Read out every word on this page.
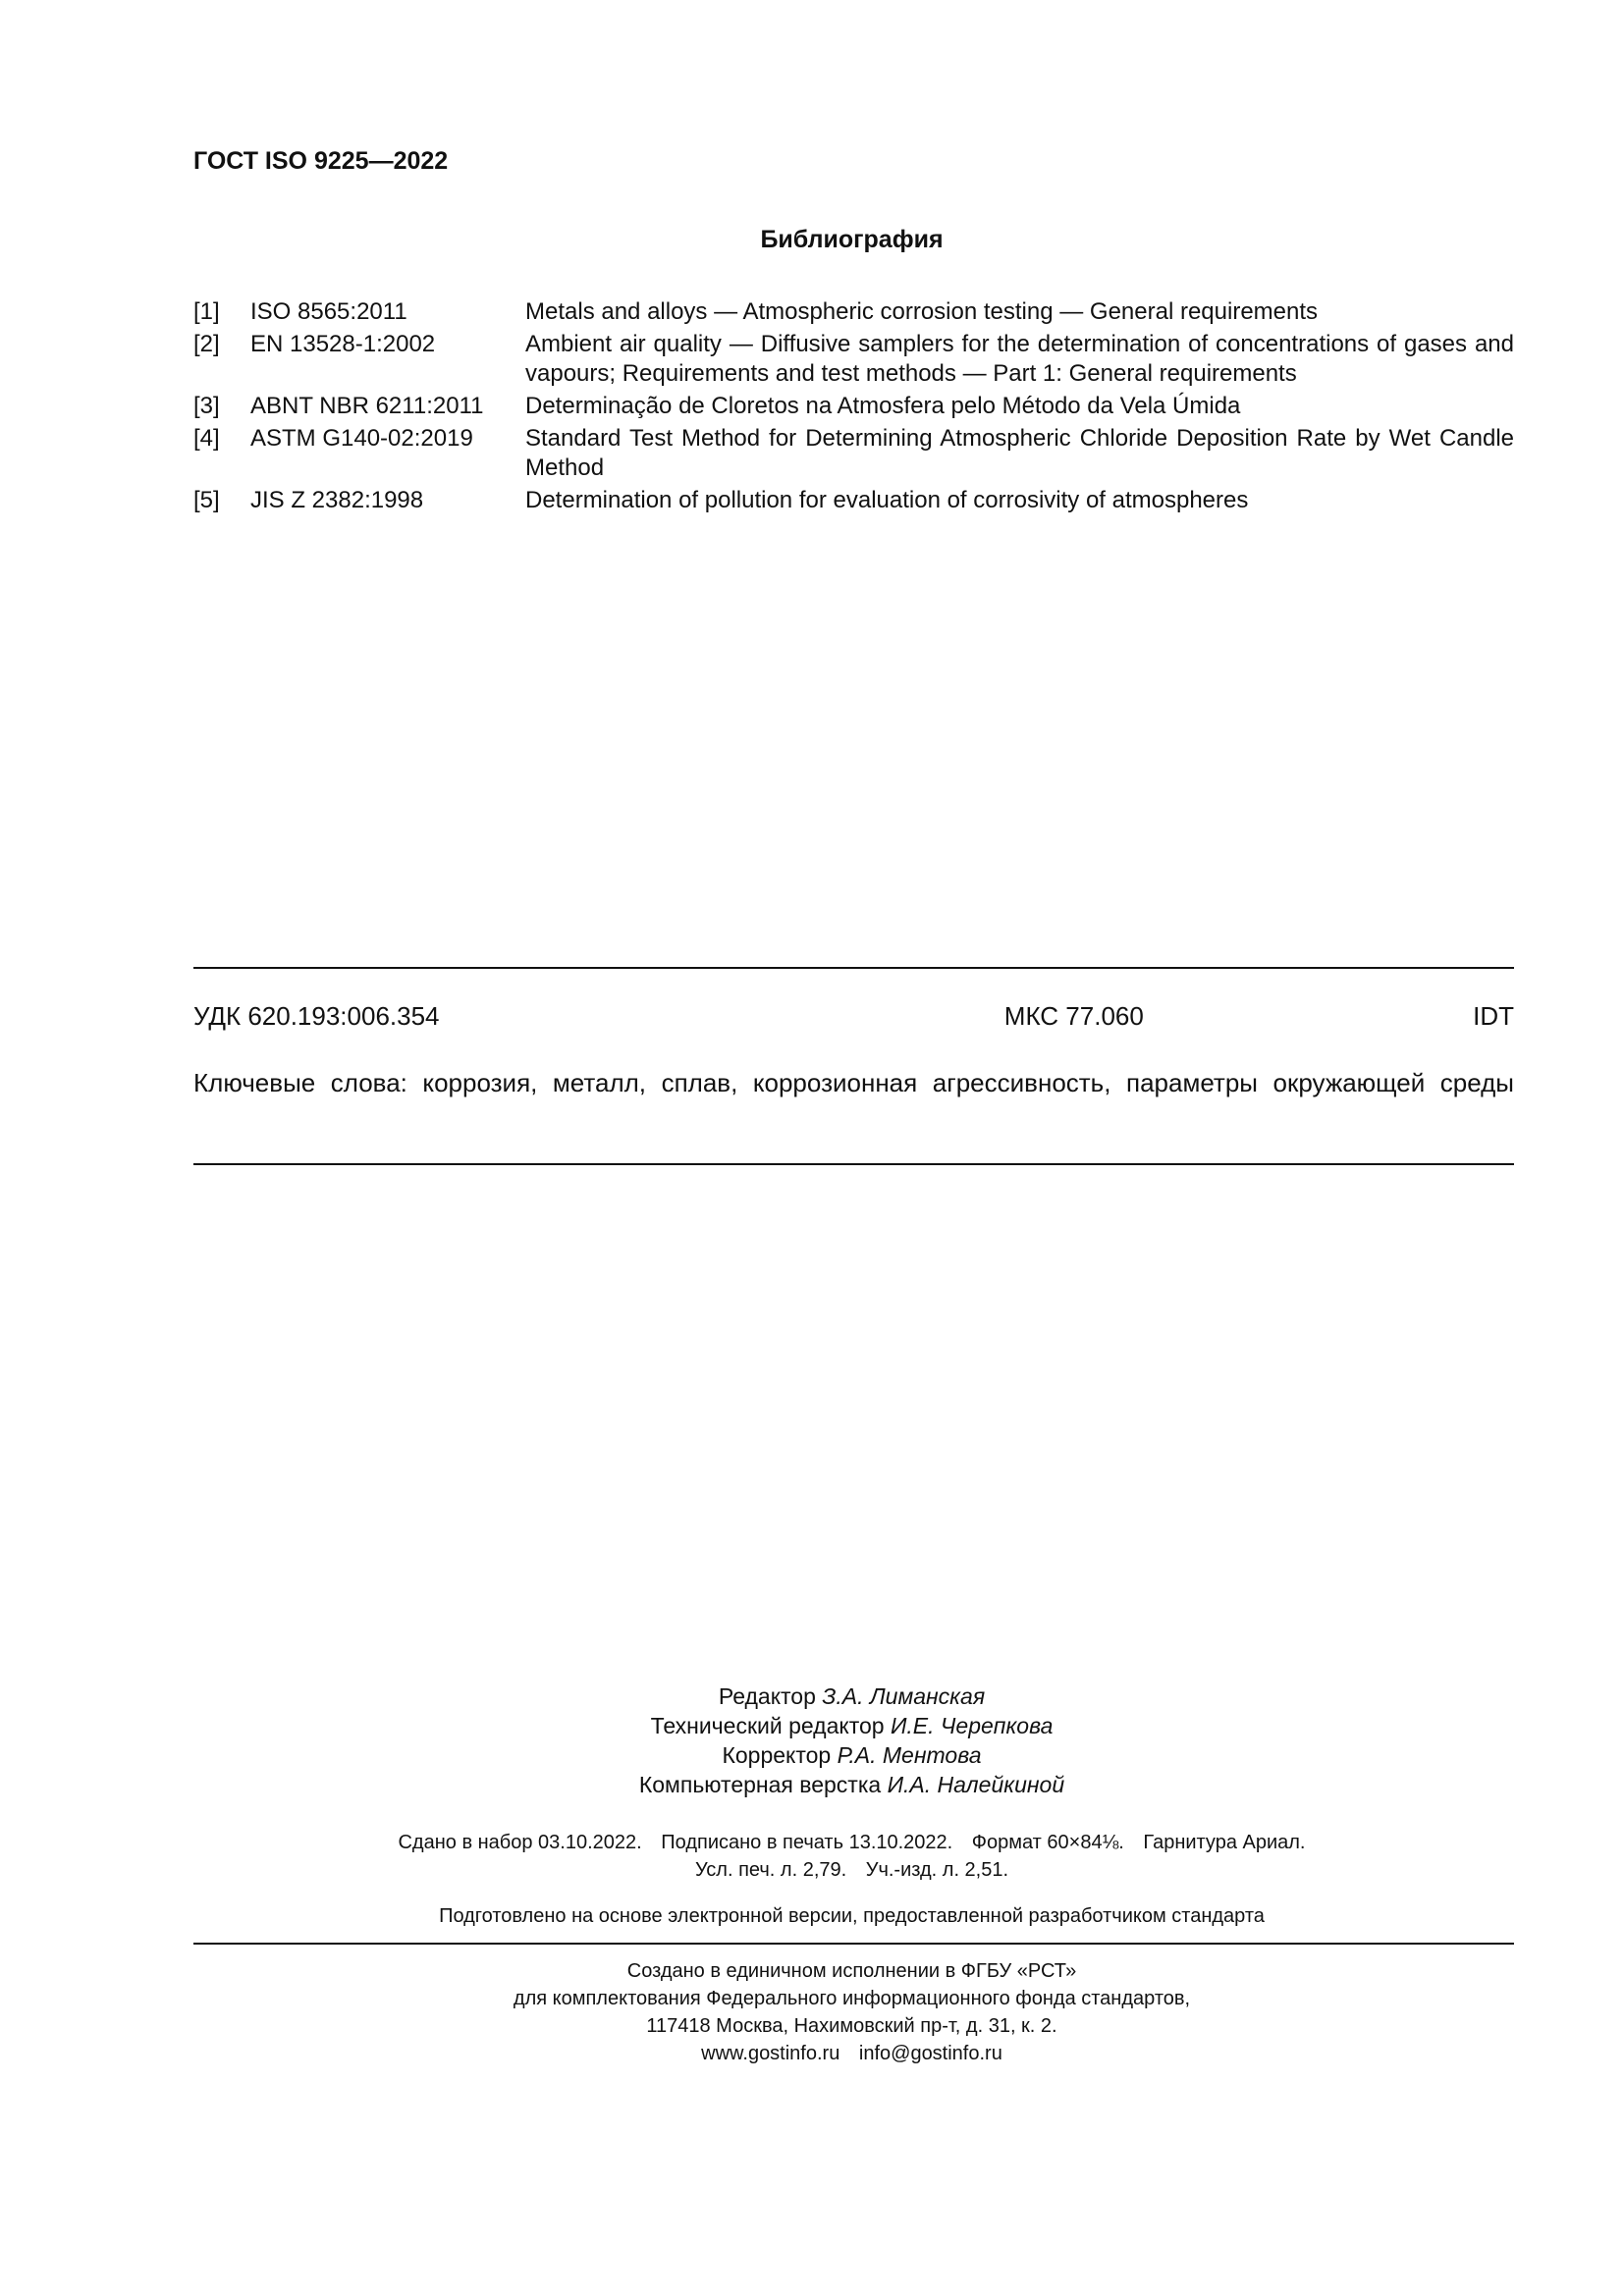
ГОСТ ISO 9225—2022
Библиография
[1]	ISO 8565:2011	Metals and alloys — Atmospheric corrosion testing — General requirements
[2]	EN 13528-1:2002	Ambient air quality — Diffusive samplers for the determination of concentrations of gases and vapours; Requirements and test methods — Part 1: General requirements
[3]	ABNT NBR 6211:2011	Determinação de Cloretos na Atmosfera pelo Método da Vela Úmida
[4]	ASTM G140-02:2019	Standard Test Method for Determining Atmospheric Chloride Deposition Rate by Wet Candle Method
[5]	JIS Z 2382:1998	Determination of pollution for evaluation of corrosivity of atmospheres
УДК 620.193:006.354	МКС 77.060	IDT
Ключевые слова: коррозия, металл, сплав, коррозионная агрессивность, параметры окружающей среды
Редактор З.А. Лиманская
Технический редактор И.Е. Черепкова
Корректор Р.А. Ментова
Компьютерная верстка И.А. Налейкиной
Сдано в набор 03.10.2022. Подписано в печать 13.10.2022. Формат 60×84⅛. Гарнитура Ариал.
Усл. печ. л. 2,79. Уч.-изд. л. 2,51.
Подготовлено на основе электронной версии, предоставленной разработчиком стандарта
Создано в единичном исполнении в ФГБУ «РСТ»
для комплектования Федерального информационного фонда стандартов,
117418 Москва, Нахимовский пр-т, д. 31, к. 2.
www.gostinfo.ru info@gostinfo.ru
